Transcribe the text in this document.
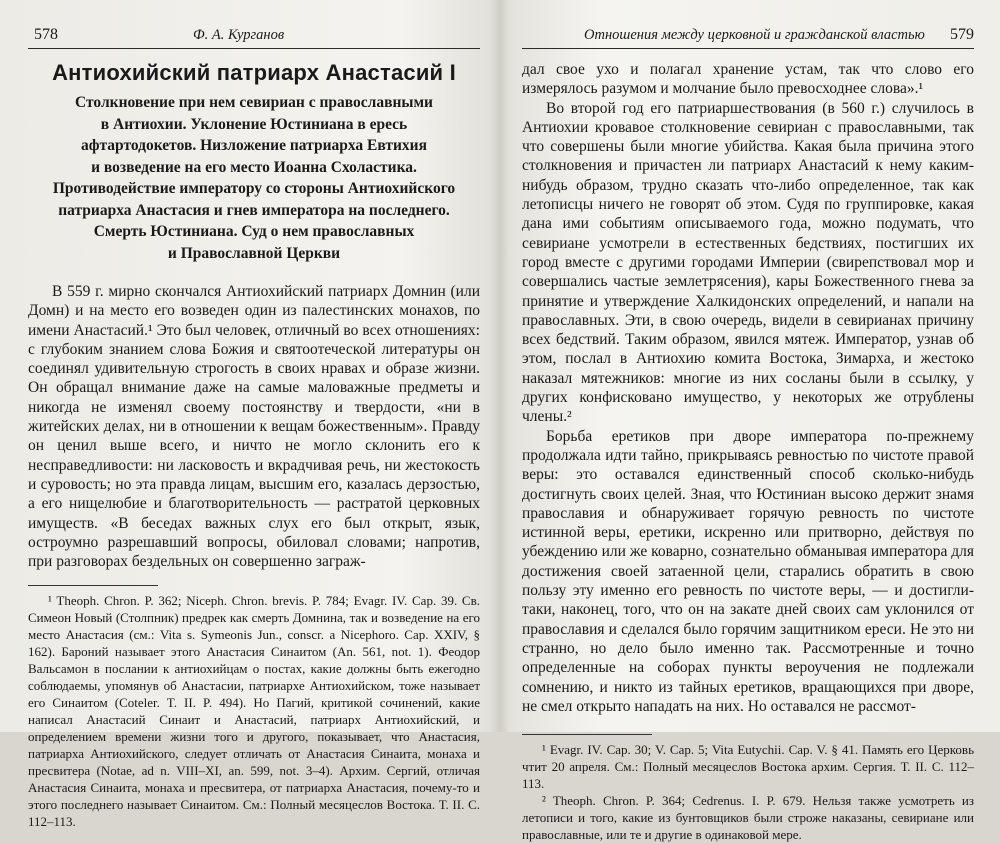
578	Ф. А. Курганов
Антиохийский патриарх Анастасий I
Столкновение при нем севириан с православными
в Антиохии. Уклонение Юстиниана в ересь
афтартодокетов. Низложение патриарха Евтихия
и возведение на его место Иоанна Схоластика.
Противодействие императору со стороны Антиохийского
патриарха Анастасия и гнев императора на последнего.
Смерть Юстиниана. Суд о нем православных
и Православной Церкви

В 559 г. мирно скончался Антиохийский патриарх Домнин (или Домн) и на место его возведен один из палестинских монахов, по имени Анастасий.¹ Это был человек, отличный во всех отношениях: с глубоким знанием слова Божия и святоотеческой литературы он соединял удивительную строгость в своих нравах и образе жизни. Он обращал внимание даже на самые маловажные предметы и никогда не изменял своему постоянству и твердости, «ни в житейских делах, ни в отношении к вещам божественным». Правду он ценил выше всего, и ничто не могло склонить его к несправедливости: ни ласковость и вкрадчивая речь, ни жестокость и суровость; но эта правда лицам, высшим его, казалась дерзостью, а его нищелюбие и благотворительность — растратой церковных имуществ. «В беседах важных слух его был открыт, язык, остроумно разрешавший вопросы, обиловал словами; напротив, при разговорах бездельных он совершенно заграж-

¹ Theoph. Chron. P. 362; Niceph. Chron. brevis. P. 784; Evagr. IV. Cap. 39. Св. Симеон Новый (Столпник) предрек как смерть Домнина, так и возведение на его место Анастасия (см.: Vita s. Symeonis Jun., conscr. a Nicephoro. Cap. XXIV, § 162). Бароний называет этого Анастасия Синаитом (An. 561, not. 1). Феодор Вальсамон в послании к антиохийцам о постах, какие должны быть ежегодно соблюдаемы, упомянув об Анастасии, патриархе Антиохийском, тоже называет его Синаитом (Coteler. T. II. P. 494). Но Пагий, критикой сочинений, какие написал Анастасий Синаит и Анастасий, патриарх Антиохийский, и определением времени жизни того и другого, показывает, что Анастасия, патриарха Антиохийского, следует отличать от Анастасия Синаита, монаха и пресвитера (Notae, ad n. VIII–XI, an. 599, not. 3–4). Архим. Сергий, отличая Анастасия Синаита, монаха и пресвитера, от патриарха Анастасия, почему-то и этого последнего называет Синаитом. См.: Полный месяцеслов Востока. Т. II. С. 112–113.

Отношения между церковной и гражданской властью 579

дал свое ухо и полагал хранение устам, так что слово его измерялось разумом и молчание было превосходнее слова».¹

Во второй год его патриаршествования (в 560 г.) случилось в Антиохии кровавое столкновение севириан с православными, так что совершены были многие убийства. Какая была причина этого столкновения и причастен ли патриарх Анастасий к нему каким-нибудь образом, трудно сказать что-либо определенное, так как летописцы ничего не говорят об этом. Судя по группировке, какая дана ими событиям описываемого года, можно подумать, что севириане усмотрели в естественных бедствиях, постигших их город вместе с другими городами Империи (свирепствовал мор и совершались частые землетрясения), кары Божественного гнева за принятие и утверждение Халкидонских определений, и напали на православных. Эти, в свою очередь, видели в севирианах причину всех бедствий. Таким образом, явился мятеж. Император, узнав об этом, послал в Антиохию комита Востока, Зимарха, и жестоко наказал мятежников: многие из них сосланы были в ссылку, у других конфисковано имущество, у некоторых же отрублены члены.²

Борьба еретиков при дворе императора по-прежнему продолжала идти тайно, прикрываясь ревностью по чистоте правой веры: это оставался единственный способ сколько-нибудь достигнуть своих целей. Зная, что Юстиниан высоко держит знамя православия и обнаруживает горячую ревность по чистоте истинной веры, еретики, искренно или притворно, действуя по убеждению или же коварно, сознательно обманывая императора для достижения своей затаенной цели, старались обратить в свою пользу эту именно его ревность по чистоте веры, — и достигли-таки, наконец, того, что он на закате дней своих сам уклонился от православия и сделался было горячим защитником ереси. Не это ни странно, но дело было именно так. Рассмотренные и точно определенные на соборах пункты вероучения не подлежали сомнению, и никто из тайных еретиков, вращающихся при дворе, не смел открыто нападать на них. Но оставался не рассмот-

¹ Evagr. IV. Cap. 30; V. Cap. 5; Vita Eutychii. Cap. V. § 41. Память его Церковь чтит 20 апреля. См.: Полный месяцеслов Востока архим. Сергия. Т. II. С. 112–113.

² Theoph. Chron. P. 364; Cedrenus. I. P. 679. Нельзя также усмотреть из летописи и того, какие из бунтовщиков были строже наказаны, севириане или православные, или те и другие в одинаковой мере.
